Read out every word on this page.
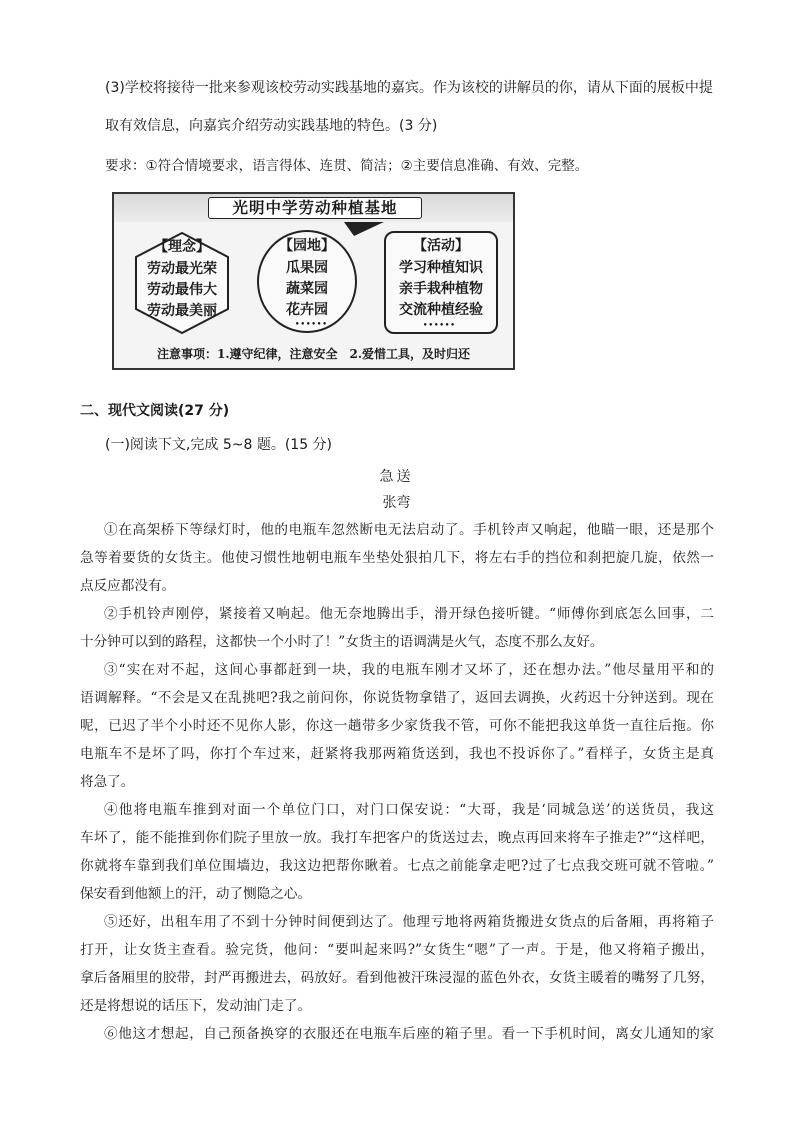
(3)学校将接待一批来参观该校劳动实践基地的嘉宾。作为该校的讲解员的你，请从下面的展板中提
取有效信息，向嘉宾介绍劳动实践基地的特色。(3 分)
要求：①符合情境要求，语言得体、连贯、简洁；②主要信息准确、有效、完整。
光明中学劳动种植基地
【理念】
劳动最光荣
劳动最伟大
劳动最美丽
【园地】
瓜果园
蔬菜园
花卉园
••••••
【活动】
学习种植知识
亲手栽种植物
交流种植经验
••••••
注意事项：1.遵守纪律，注意安全　2.爱惜工具，及时归还
二、现代文阅读(27 分)
(一)阅读下文,完成 5~8 题。(15 分)
急送
张弯
①在高架桥下等绿灯时，他的电瓶车忽然断电无法启动了。手机铃声又响起，他瞄一眼，还是那个
急等着要货的女货主。他使习惯性地朝电瓶车坐垫处狠拍几下，将左右手的挡位和刹把旋几旋，依然一
点反应都没有。
②手机铃声刚停，紧接着又响起。他无奈地腾出手，滑开绿色接听键。“师傅你到底怎么回事，二
十分钟可以到的路程，这都快一个小时了！”女货主的语调满是火气，态度不那么友好。
③“实在对不起，这间心事都赶到一块，我的电瓶车刚才又坏了，还在想办法。”他尽量用平和的
语调解释。“不会是又在乱挑吧?我之前问你，你说货物拿错了，返回去调换，火药迟十分钟送到。现在
呢，已迟了半个小时还不见你人影，你这一趟带多少家货我不管，可你不能把我这单货一直往后拖。你
电瓶车不是坏了吗，你打个车过来，赶紧将我那两箱货送到，我也不投诉你了。”看样子，女货主是真
将急了。
④他将电瓶车推到对面一个单位门口，对门口保安说：“大哥，我是‘同城急送’的送货员，我这
车坏了，能不能推到你们院子里放一放。我打车把客户的货送过去，晚点再回来将车子推走?”“这样吧，
你就将车靠到我们单位围墙边，我这边把帮你瞅着。七点之前能拿走吧?过了七点我交班可就不管啦。”
保安看到他额上的汗，动了恻隐之心。
⑤还好，出租车用了不到十分钟时间便到达了。他理亏地将两箱货搬进女货点的后备厢，再将箱子
打开，让女货主查看。验完货，他问：“要叫起来吗?”女货生“嗯”了一声。于是，他又将箱子搬出，
拿后备厢里的胶带，封严再搬进去，码放好。看到他被汗珠浸湿的蓝色外衣，女货主暖着的嘴努了几努，
还是将想说的话压下，发动油门走了。
⑥他这才想起，自己预备换穿的衣服还在电瓶车后座的箱子里。看一下手机时间，离女儿通知的家
